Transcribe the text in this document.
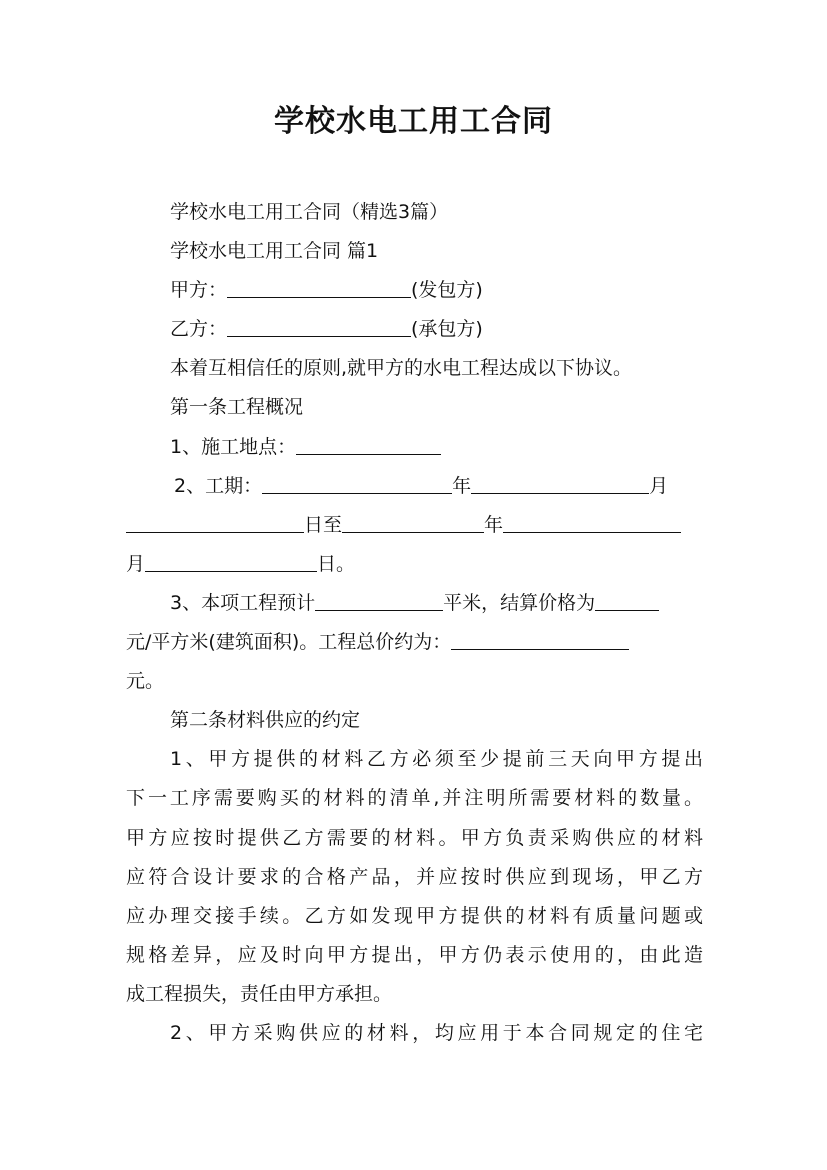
学校水电工用工合同
学校水电工用工合同（精选3篇）
学校水电工用工合同 篇1
甲方：	(发包方)
乙方：	(承包方)
本着互相信任的原则,就甲方的水电工程达成以下协议。
第一条工程概况
1、施工地点：
2、工期：	年	月
日至	年
月	日。
3、本项工程预计	平米，结算价格为
元/平方米(建筑面积)。工程总价约为：
元。
第二条材料供应的约定
1、甲方提供的材料乙方必须至少提前三天向甲方提出
下一工序需要购买的材料的清单,并注明所需要材料的数量。
甲方应按时提供乙方需要的材料。甲方负责采购供应的材料
应符合设计要求的合格产品，并应按时供应到现场，甲乙方
应办理交接手续。乙方如发现甲方提供的材料有质量问题或
规格差异，应及时向甲方提出，甲方仍表示使用的，由此造
成工程损失，责任由甲方承担。
2、甲方采购供应的材料，均应用于本合同规定的住宅
